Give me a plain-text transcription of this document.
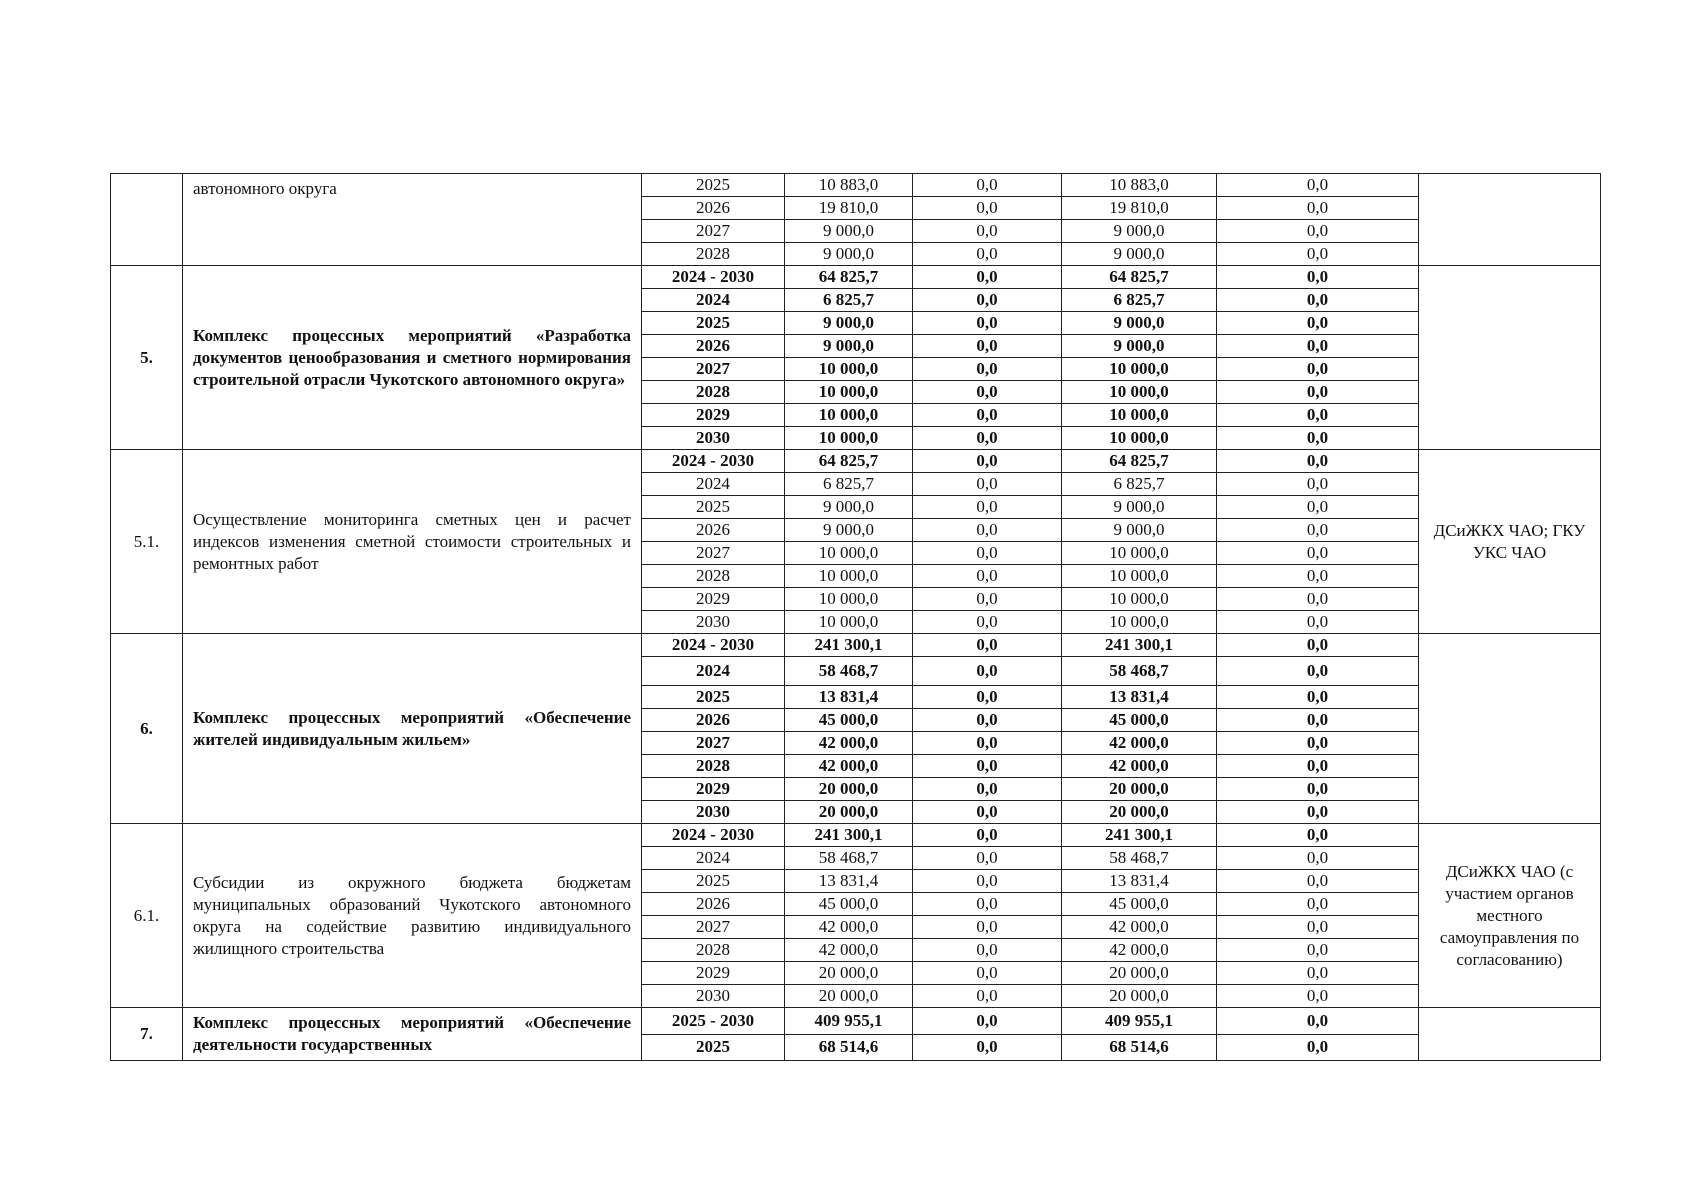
	автономного округа	2025	10 883,0	0,0	10 883,0	0,0	
		2026	19 810,0	0,0	19 810,0	0,0	
		2027	9 000,0	0,0	9 000,0	0,0	
		2028	9 000,0	0,0	9 000,0	0,0	
5.	Комплекс процессных мероприятий «Разработка документов ценообразования и сметного нормирования строительной отрасли Чукотского автономного округа»	2024 - 2030	64 825,7	0,0	64 825,7	0,0	
		2024	6 825,7	0,0	6 825,7	0,0	
		2025	9 000,0	0,0	9 000,0	0,0	
		2026	9 000,0	0,0	9 000,0	0,0	
		2027	10 000,0	0,0	10 000,0	0,0	
		2028	10 000,0	0,0	10 000,0	0,0	
		2029	10 000,0	0,0	10 000,0	0,0	
		2030	10 000,0	0,0	10 000,0	0,0	
5.1.	Осуществление мониторинга сметных цен и расчет индексов изменения сметной стоимости строительных и ремонтных работ	2024 - 2030	64 825,7	0,0	64 825,7	0,0	ДСиЖКХ ЧАО; ГКУ УКС ЧАО
		2024	6 825,7	0,0	6 825,7	0,0	
		2025	9 000,0	0,0	9 000,0	0,0	
		2026	9 000,0	0,0	9 000,0	0,0	
		2027	10 000,0	0,0	10 000,0	0,0	
		2028	10 000,0	0,0	10 000,0	0,0	
		2029	10 000,0	0,0	10 000,0	0,0	
		2030	10 000,0	0,0	10 000,0	0,0	
6.	Комплекс процессных мероприятий «Обеспечение жителей индивидуальным жильем»	2024 - 2030	241 300,1	0,0	241 300,1	0,0	
		2024	58 468,7	0,0	58 468,7	0,0	
		2025	13 831,4	0,0	13 831,4	0,0	
		2026	45 000,0	0,0	45 000,0	0,0	
		2027	42 000,0	0,0	42 000,0	0,0	
		2028	42 000,0	0,0	42 000,0	0,0	
		2029	20 000,0	0,0	20 000,0	0,0	
		2030	20 000,0	0,0	20 000,0	0,0	
6.1.	Субсидии из окружного бюджета бюджетам муниципальных образований Чукотского автономного округа на содействие развитию индивидуального жилищного строительства	2024 - 2030	241 300,1	0,0	241 300,1	0,0	ДСиЖКХ ЧАО (с участием органов местного самоуправления по согласованию)
		2024	58 468,7	0,0	58 468,7	0,0	
		2025	13 831,4	0,0	13 831,4	0,0	
		2026	45 000,0	0,0	45 000,0	0,0	
		2027	42 000,0	0,0	42 000,0	0,0	
		2028	42 000,0	0,0	42 000,0	0,0	
		2029	20 000,0	0,0	20 000,0	0,0	
		2030	20 000,0	0,0	20 000,0	0,0	
7.	Комплекс процессных мероприятий «Обеспечение деятельности государственных	2025 - 2030	409 955,1	0,0	409 955,1	0,0	
		2025	68 514,6	0,0	68 514,6	0,0	
